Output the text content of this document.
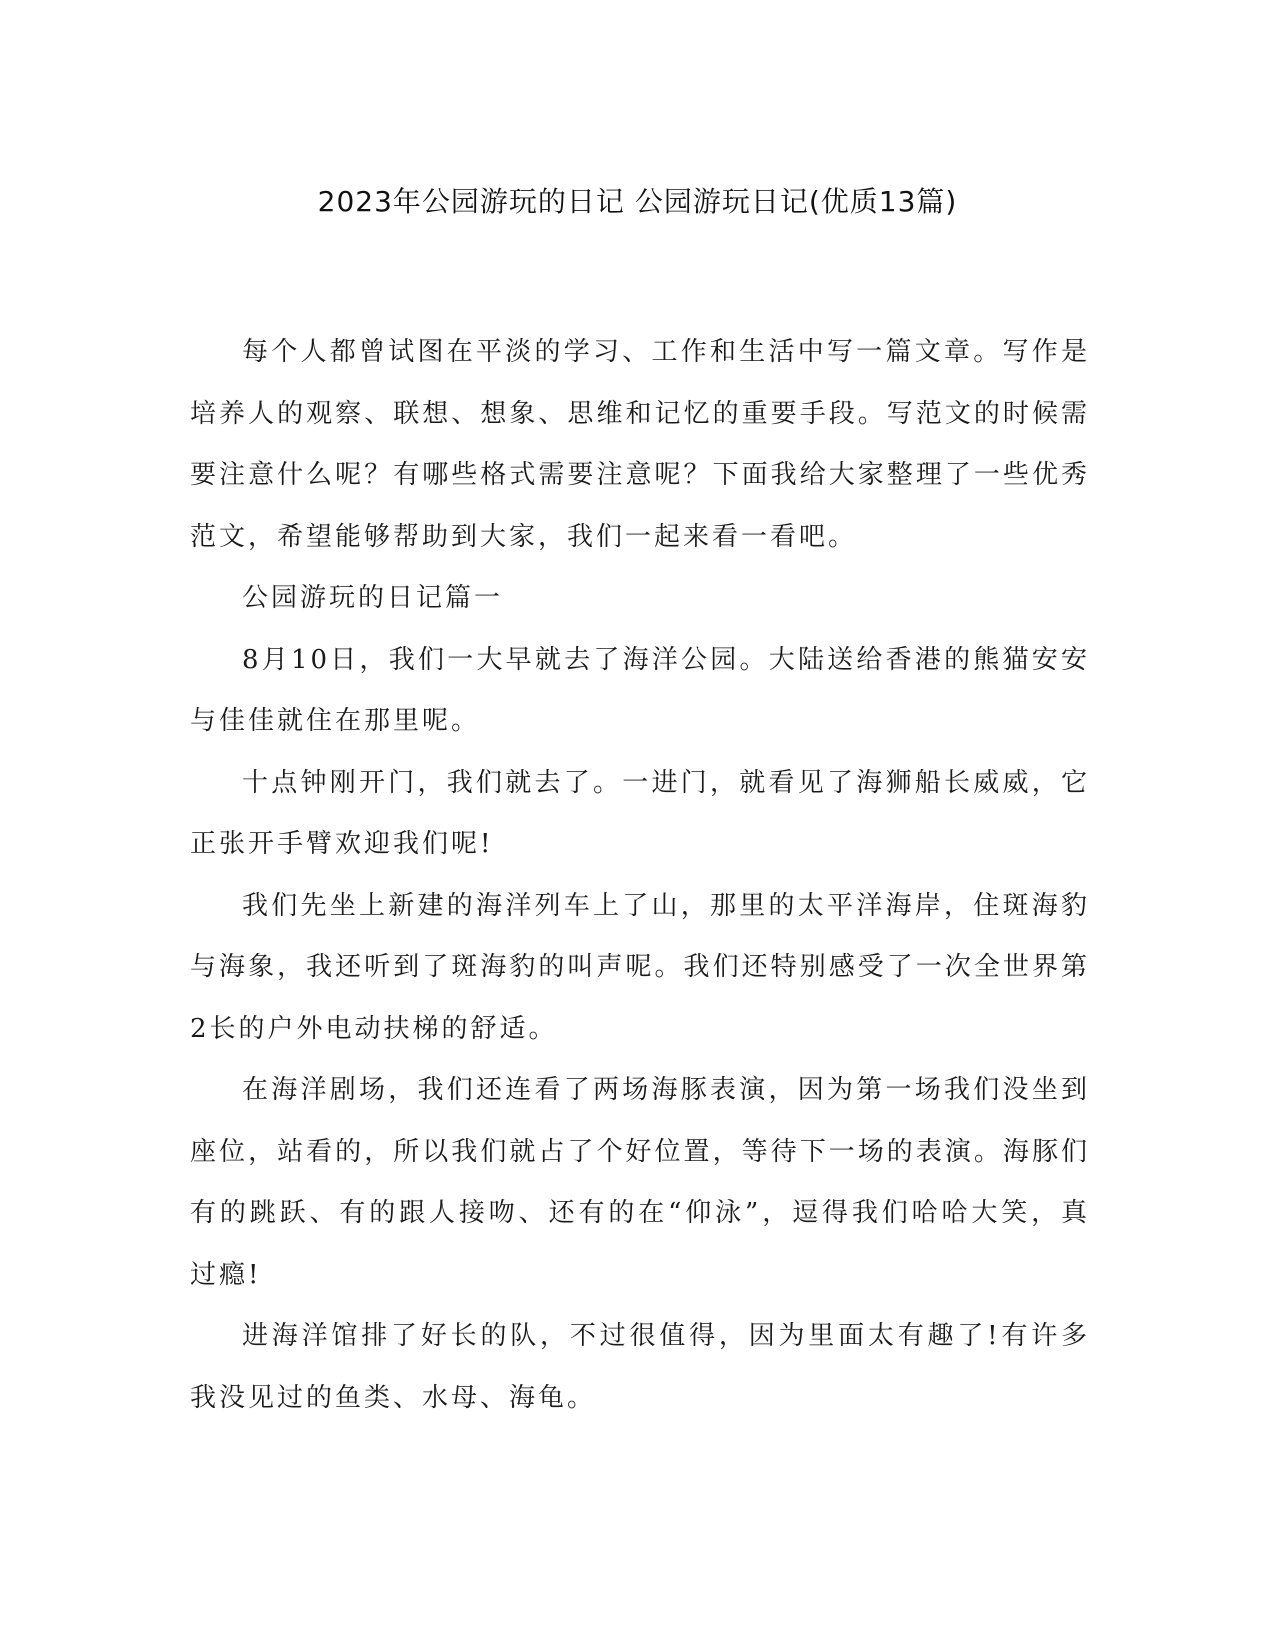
2023年公园游玩的日记 公园游玩日记(优质13篇)

每个人都曾试图在平淡的学习、工作和生活中写一篇文章。写作是培养人的观察、联想、想象、思维和记忆的重要手段。写范文的时候需要注意什么呢？有哪些格式需要注意呢？下面我给大家整理了一些优秀范文，希望能够帮助到大家，我们一起来看一看吧。

公园游玩的日记篇一

8月10日，我们一大早就去了海洋公园。大陆送给香港的熊猫安安与佳佳就住在那里呢。

十点钟刚开门，我们就去了。一进门，就看见了海狮船长威威，它正张开手臂欢迎我们呢!

我们先坐上新建的海洋列车上了山，那里的太平洋海岸，住斑海豹与海象，我还听到了斑海豹的叫声呢。我们还特别感受了一次全世界第2长的户外电动扶梯的舒适。

在海洋剧场，我们还连看了两场海豚表演，因为第一场我们没坐到座位，站看的，所以我们就占了个好位置，等待下一场的表演。海豚们有的跳跃、有的跟人接吻、还有的在“仰泳”，逗得我们哈哈大笑，真过瘾!

进海洋馆排了好长的队，不过很值得，因为里面太有趣了!有许多我没见过的鱼类、水母、海龟。
